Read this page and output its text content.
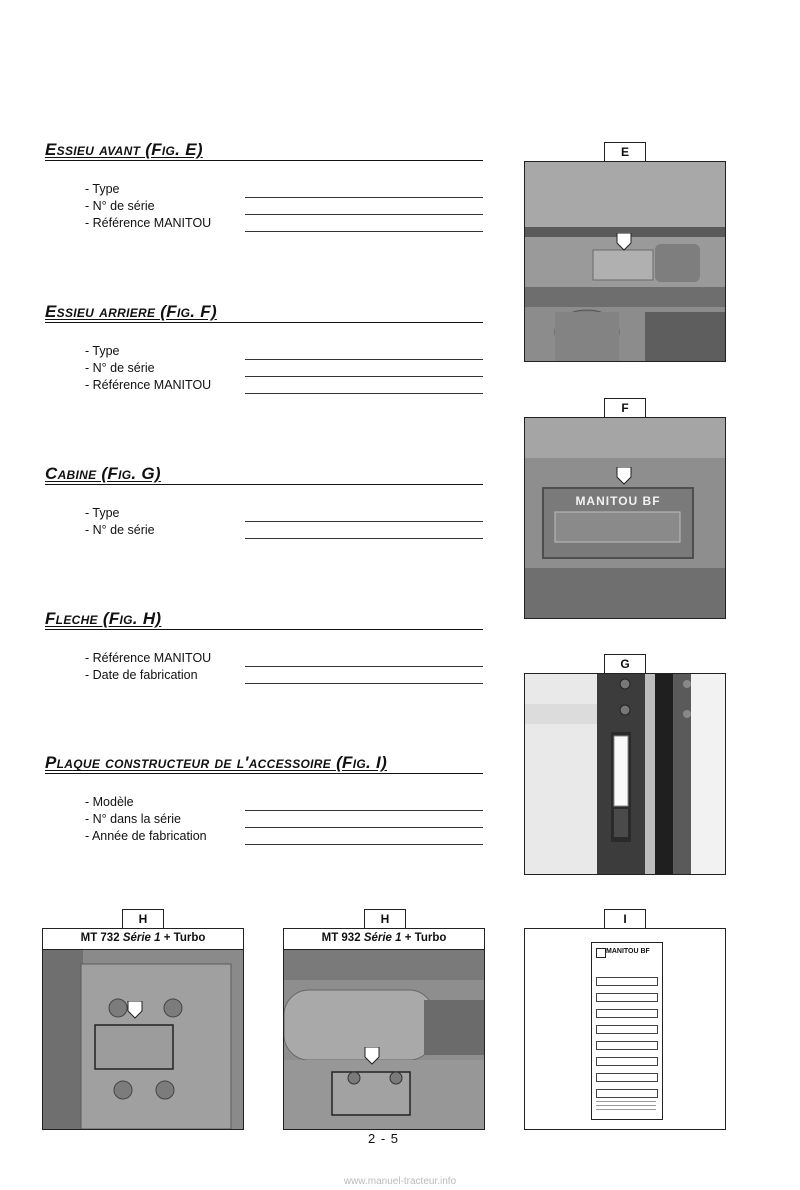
Essieu avant (Fig. E)
- Type
- N° de série
- Référence MANITOU
Essieu arriere (Fig. F)
- Type
- N° de série
- Référence MANITOU
Cabine (Fig. G)
- Type
- N° de série
Fleche (Fig. H)
- Référence MANITOU
- Date de fabrication
Plaque constructeur de l'accessoire (Fig. I)
- Modèle
- N° dans la série
- Année de fabrication
E
F
MANITOU BF
G
H
MT 732 Série 1 + Turbo
H
MT 932 Série 1 + Turbo
I
MANITOU BF
2 - 5
www.manuel-tracteur.info
